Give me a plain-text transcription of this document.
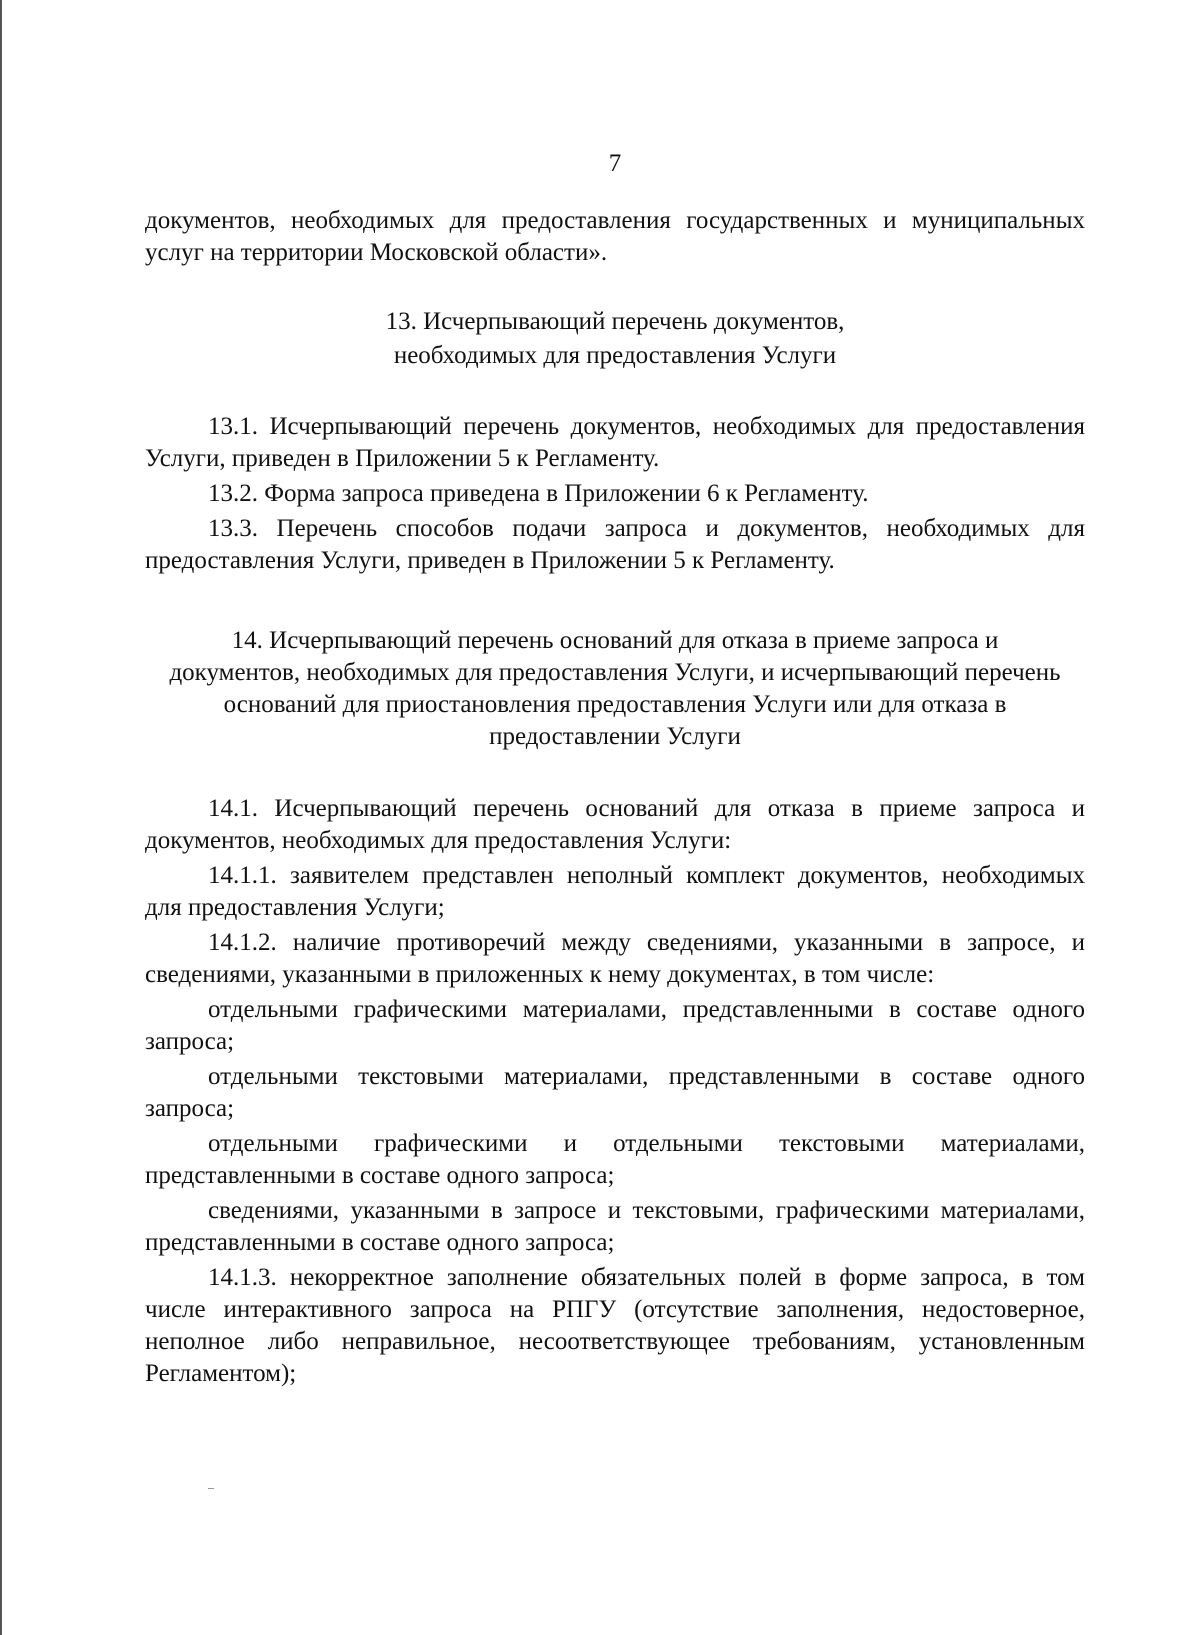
7

документов, необходимых для предоставления государственных и муниципальных услуг на территории Московской области».

13. Исчерпывающий перечень документов,
необходимых для предоставления Услуги

13.1. Исчерпывающий перечень документов, необходимых для предоставления Услуги, приведен в Приложении 5 к Регламенту.

13.2. Форма запроса приведена в Приложении 6 к Регламенту.

13.3. Перечень способов подачи запроса и документов, необходимых для предоставления Услуги, приведен в Приложении 5 к Регламенту.

14. Исчерпывающий перечень оснований для отказа в приеме запроса и документов, необходимых для предоставления Услуги, и исчерпывающий перечень оснований для приостановления предоставления Услуги или для отказа в предоставлении Услуги

14.1. Исчерпывающий перечень оснований для отказа в приеме запроса и документов, необходимых для предоставления Услуги:

14.1.1. заявителем представлен неполный комплект документов, необходимых для предоставления Услуги;

14.1.2. наличие противоречий между сведениями, указанными в запросе, и сведениями, указанными в приложенных к нему документах, в том числе:

отдельными графическими материалами, представленными в составе одного запроса;

отдельными текстовыми материалами, представленными в составе одного запроса;

отдельными графическими и отдельными текстовыми материалами, представленными в составе одного запроса;

сведениями, указанными в запросе и текстовыми, графическими материалами, представленными в составе одного запроса;

14.1.3. некорректное заполнение обязательных полей в форме запроса, в том числе интерактивного запроса на РПГУ (отсутствие заполнения, недостоверное, неполное либо неправильное, несоответствующее требованиям, установленным Регламентом);
